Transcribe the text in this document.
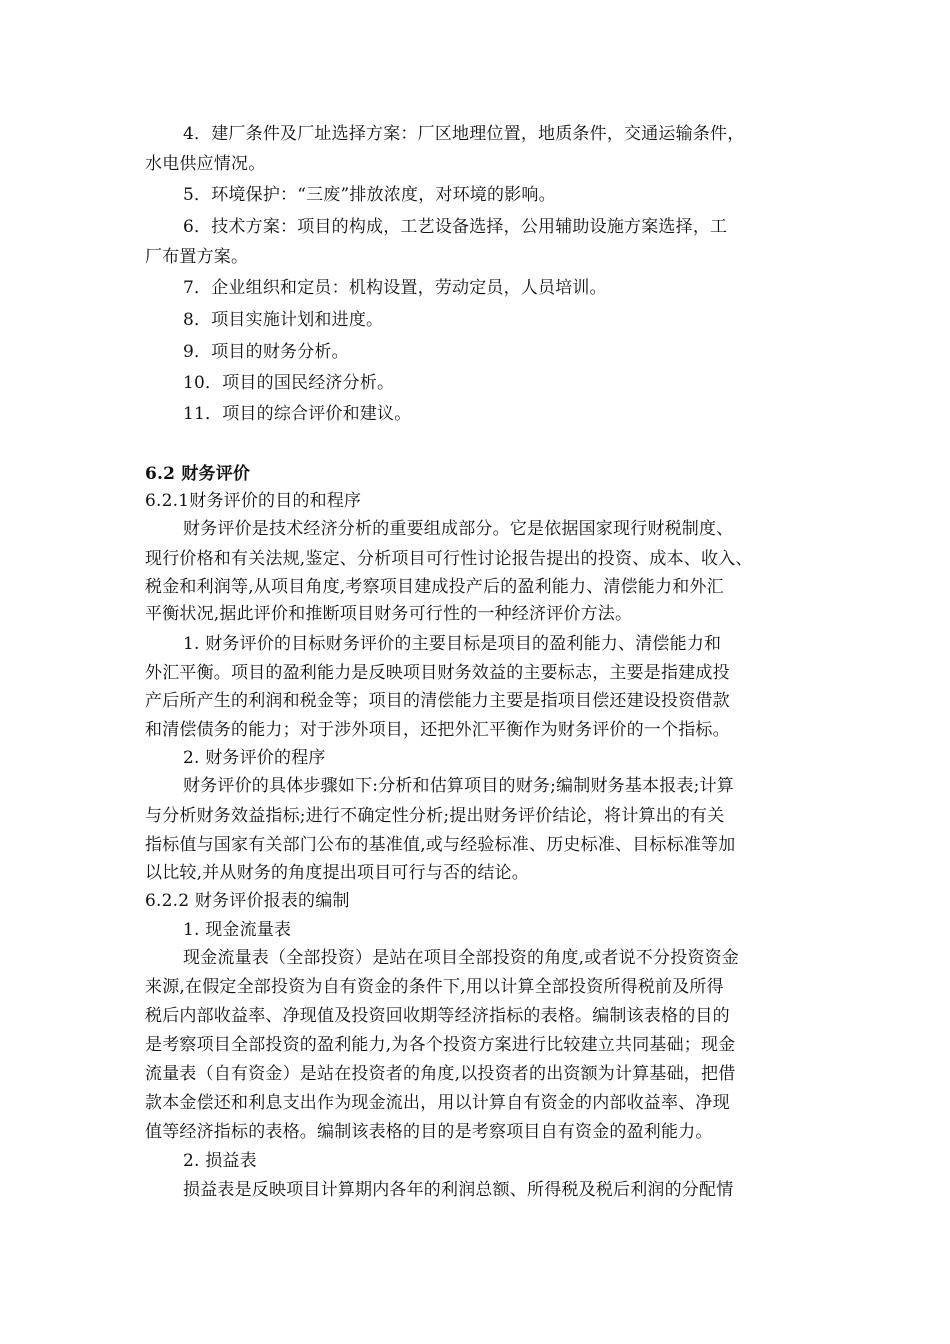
4．建厂条件及厂址选择方案：厂区地理位置，地质条件，交通运输条件，
水电供应情况。
5．环境保护：“三废”排放浓度，对环境的影响。
6．技术方案：项目的构成，工艺设备选择，公用辅助设施方案选择，工
厂布置方案。
7．企业组织和定员：机构设置，劳动定员，人员培训。
8．项目实施计划和进度。
9．项目的财务分析。
10．项目的国民经济分析。
11．项目的综合评价和建议。
6.2 财务评价
6.2.1财务评价的目的和程序
财务评价是技术经济分析的重要组成部分。它是依据国家现行财税制度、
现行价格和有关法规,鉴定、分析项目可行性讨论报告提出的投资、成本、收入、
税金和利润等,从项目角度,考察项目建成投产后的盈利能力、清偿能力和外汇
平衡状况,据此评价和推断项目财务可行性的一种经济评价方法。
1. 财务评价的目标财务评价的主要目标是项目的盈利能力、清偿能力和
外汇平衡。项目的盈利能力是反映项目财务效益的主要标志，主要是指建成投
产后所产生的利润和税金等；项目的清偿能力主要是指项目偿还建设投资借款
和清偿债务的能力；对于涉外项目，还把外汇平衡作为财务评价的一个指标。
2. 财务评价的程序
财务评价的具体步骤如下:分析和估算项目的财务;编制财务基本报表;计算
与分析财务效益指标;进行不确定性分析;提出财务评价结论，将计算出的有关
指标值与国家有关部门公布的基准值,或与经验标准、历史标准、目标标准等加
以比较,并从财务的角度提出项目可行与否的结论。
6.2.2 财务评价报表的编制
1. 现金流量表
现金流量表（全部投资）是站在项目全部投资的角度,或者说不分投资资金
来源,在假定全部投资为自有资金的条件下,用以计算全部投资所得税前及所得
税后内部收益率、净现值及投资回收期等经济指标的表格。编制该表格的目的
是考察项目全部投资的盈利能力,为各个投资方案进行比较建立共同基础；现金
流量表（自有资金）是站在投资者的角度,以投资者的出资额为计算基础，把借
款本金偿还和利息支出作为现金流出，用以计算自有资金的内部收益率、净现
值等经济指标的表格。编制该表格的目的是考察项目自有资金的盈利能力。
2. 损益表
损益表是反映项目计算期内各年的利润总额、所得税及税后利润的分配情
